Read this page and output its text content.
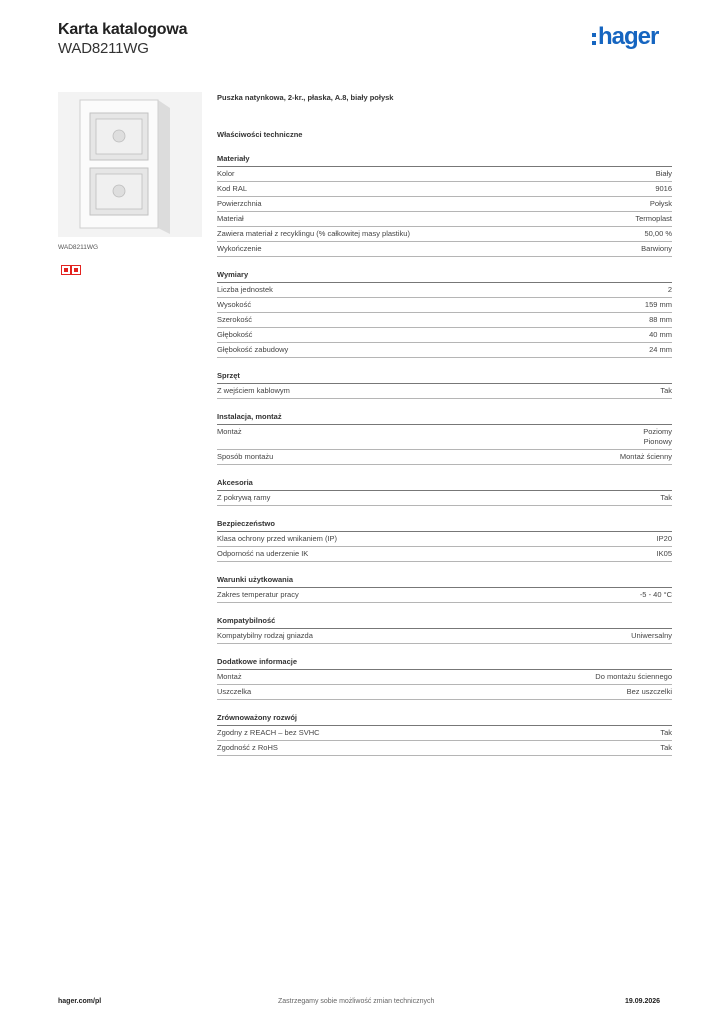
Karta katalogowa
WAD8211WG	hager
WAD8211WG
Puszka natynkowa, 2-kr., płaska, A.8, biały połysk
Właściwości techniczne
Materiały
Kolor	Biały
Kod RAL	9016
Powierzchnia	Połysk
Materiał	Termoplast
Zawiera materiał z recyklingu (% całkowitej masy plastiku)	50,00 %
Wykończenie	Barwiony
Wymiary
Liczba jednostek	2
Wysokość	159 mm
Szerokość	88 mm
Głębokość	40 mm
Głębokość zabudowy	24 mm
Sprzęt
Z wejściem kablowym	Tak
Instalacja, montaż
Montaż	Poziomy
Pionowy
Sposób montażu	Montaż ścienny
Akcesoria
Z pokrywą ramy	Tak
Bezpieczeństwo
Klasa ochrony przed wnikaniem (IP)	IP20
Odporność na uderzenie IK	IK05
Warunki użytkowania
Zakres temperatur pracy	-5 - 40 °C
Kompatybilność
Kompatybilny rodzaj gniazda	Uniwersalny
Dodatkowe informacje
Montaż	Do montażu ściennego
Uszczelka	Bez uszczelki
Zrównoważony rozwój
Zgodny z REACH – bez SVHC	Tak
Zgodność z RoHS	Tak
hager.com/pl	Zastrzegamy sobie możliwość zmian technicznych	19.09.2026
